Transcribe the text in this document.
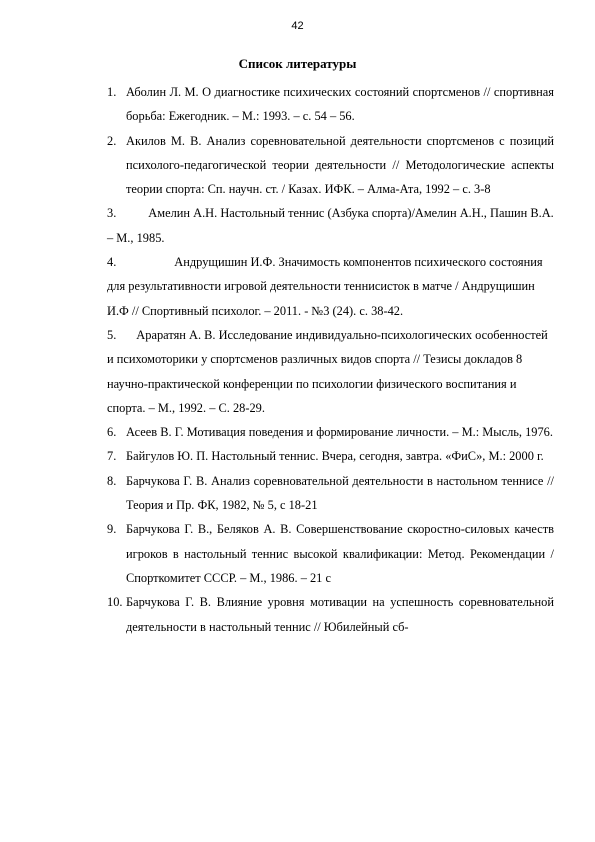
42
Список литературы
1. Аболин Л. М. О диагностике психических состояний спортсменов // спортивная борьба: Ежегодник. – М.: 1993. – с. 54 – 56.
2. Акилов М. В. Анализ соревновательной деятельности спортсменов с позиций психолого-педагогической теории деятельности // Методологические аспекты теории спорта: Сп. научн. ст. / Казах. ИФК. – Алма-Ата, 1992 – с. 3-8
3.	Амелин А.Н. Настольный теннис (Азбука спорта)/Амелин А.Н., Пашин В.А. – М., 1985.
4.	Андрущишин И.Ф. Значимость компонентов психического состояния для результативности игровой деятельности теннисисток в матче / Андрущишин И.Ф // Спортивный психолог. – 2011. - №3 (24). с. 38-42.
5. Араратян А. В. Исследование индивидуально-психологических особенностей и психомоторики у спортсменов различных видов спорта // Тезисы докладов 8 научно-практической конференции по психологии физического воспитания и спорта. – М., 1992. – С. 28-29.
6. Асеев В. Г. Мотивация поведения и формирование личности. – М.: Мысль, 1976.
7. Байгулов Ю. П. Настольный теннис. Вчера, сегодня, завтра. «ФиС», М.: 2000 г.
8. Барчукова Г. В. Анализ соревновательной деятельности в настольном теннисе // Теория и Пр. ФК, 1982, № 5, с 18-21
9. Барчукова Г. В., Беляков А. В. Совершенствование скоростно-силовых качеств игроков в настольный теннис высокой квалификации: Метод. Рекомендации / Спорткомитет СССР. – М., 1986. – 21 с
10. Барчукова Г. В. Влияние уровня мотивации на успешность соревновательной деятельности в настольный теннис // Юбилейный сб-
